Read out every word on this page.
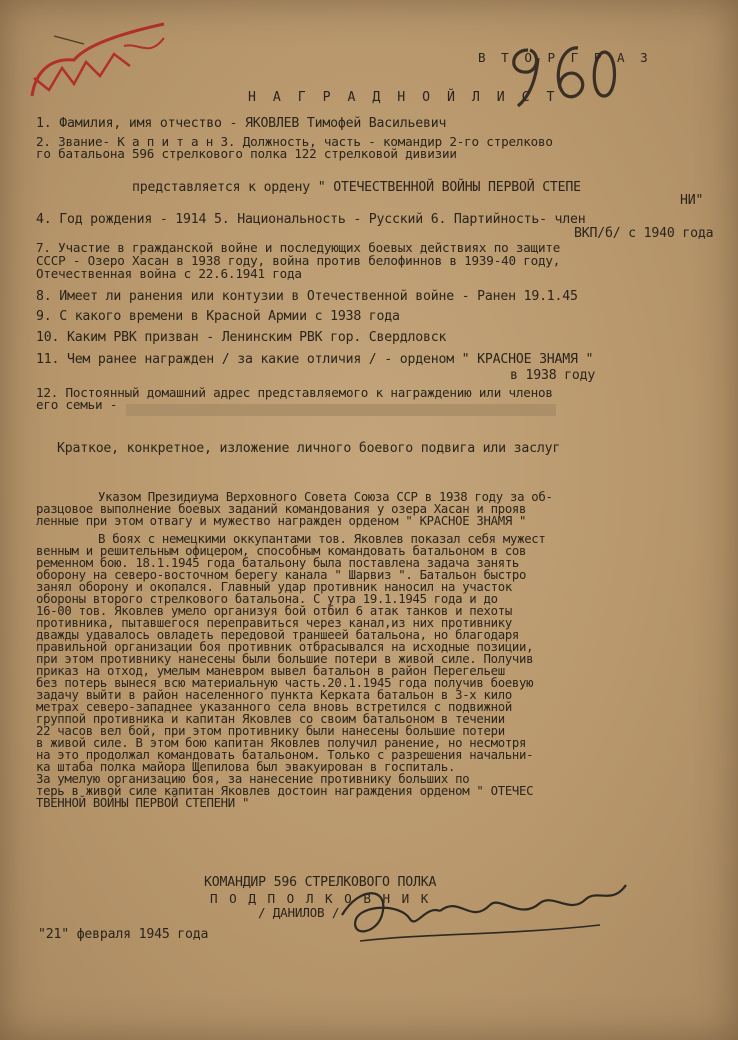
В Т О Р Г Р А З
Н А Г Р А Д Н О Й Л И С Т
1. Фамилия, имя отчество - ЯКОВЛЕВ Тимофей Васильевич
2. Звание- К а п и т а н 3. Должность, часть - командир 2-го стрелково
го батальона 596 стрелкового полка 122 стрелковой дивизии
представляется к ордену " ОТЕЧЕСТВЕННОЙ ВОЙНЫ ПЕРВОЙ СТЕПЕ
НИ"
4. Год рождения - 1914 5. Национальность - Русский 6. Партийность- член
ВКП/б/ с 1940 года
7. Участие в гражданской войне и последующих боевых действиях по защите
СССР - Озеро Хасан в 1938 году, война против белофиннов в 1939-40 году,
Отечественная война с 22.6.1941 года
8. Имеет ли ранения или контузии в Отечественной войне - Ранен 19.1.45
9. С какого времени в Красной Армии с 1938 года
10. Каким РВК призван - Ленинским РВК гор. Свердловск
11. Чем ранее награжден / за какие отличия / - орденом " КРАСНОЕ ЗНАМЯ "
в 1938 году
12. Постоянный домашний адрес представляемого к награждению или членов
его семьи -
Краткое, конкретное, изложение личного боевого подвига или заслуг
Указом Президиума Верховного Совета Союза ССР в 1938 году за об-
разцовое выполнение боевых заданий командования у озера Хасан и прояв
ленные при этом отвагу и мужество награжден орденом " КРАСНОЕ ЗНАМЯ "
В боях с немецкими оккупантами тов. Яковлев показал себя мужест
венным и решительным офицером, способным командовать батальоном в сов
ременном бою. 18.1.1945 года батальону была поставлена задача занять
оборону на северо-восточном берегу канала " Шарвиз ". Батальон быстро
занял оборону и окопался. Главный удар противник наносил на участок
обороны второго стрелкового батальона. С утра 19.1.1945 года и до
16-00 тов. Яковлев умело организуя бой отбил 6 атак танков и пехоты
противника, пытавшегося переправиться через канал,из них противнику
дважды удавалось овладеть передовой траншеей батальона, но благодаря
правильной организации боя противник отбрасывался на исходные позиции,
при этом противнику нанесены были большие потери в живой силе. Получив
приказ на отход, умелым маневром вывел батальон в район Перегельеш
без потерь вынеся всю материальную часть.20.1.1945 года получив боевую
задачу выйти в район населенного пункта Керката батальон в 3-х кило
метрах северо-западнее указанного села вновь встретился с подвижной
группой противника и капитан Яковлев со своим батальоном в течении
22 часов вел бой, при этом противнику были нанесены большие потери
в живой силе. В этом бою капитан Яковлев получил ранение, но несмотря
на это продолжал командовать батальоном. Только с разрешения начальни-
ка штаба полка майора Щепилова был эвакуирован в госпиталь.
За умелую организацию боя, за нанесение противнику больших по
терь в живой силе капитан Яковлев достоин награждения орденом " ОТЕЧЕС
ТВЕННОЙ ВОЙНЫ ПЕРВОЙ СТЕПЕНИ "
КОМАНДИР 596 СТРЕЛКОВОГО ПОЛКА
П О Д П О Л К О В Н И К
/ ДАНИЛОВ /
"21" февраля 1945 года
